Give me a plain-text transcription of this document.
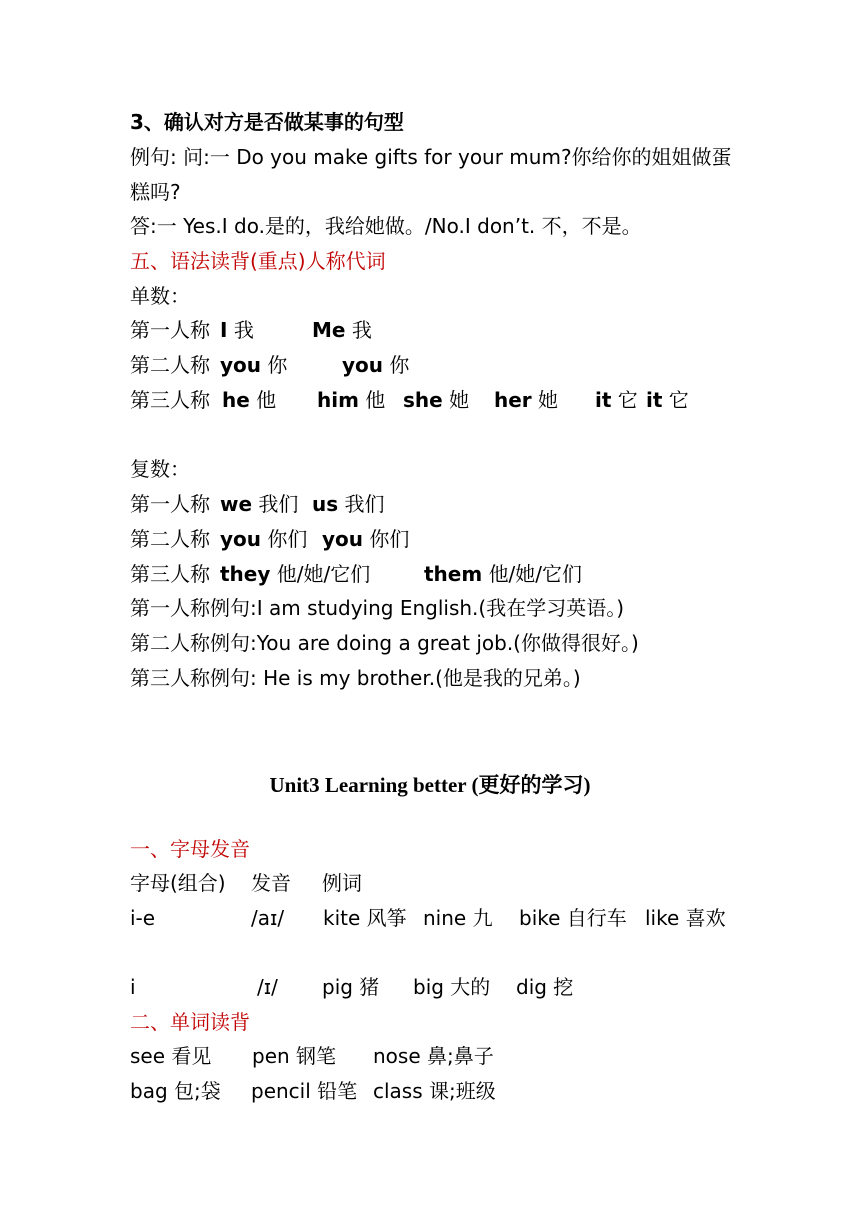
3、确认对方是否做某事的句型
例句: 问:一 Do you make gifts for your mum?你给你的姐姐做蛋
糕吗?
答:一 Yes.I do.是的，我给她做。/No.I don’t. 不，不是。
五、语法读背(重点)人称代词
单数：
第一人称 I 我	Me 我
第二人称 you 你	you 你
第三人称 he 他 him 他 she 她 her 她 it 它 it 它
复数：
第一人称 we 我们 us 我们
第二人称 you 你们 you 你们
第三人称 they 他/她/它们	them 他/她/它们
第一人称例句:I am studying English.(我在学习英语。)
第二人称例句:You are doing a great job.(你做得很好。)
第三人称例句: He is my brother.(他是我的兄弟。)
Unit3 Learning better (更好的学习)
一、字母发音
字母(组合) 发音 例词
i-e	/aɪ/ kite 风筝 nine 九 bike 自行车 like 喜欢
i	/ɪ/ pig 猪 big 大的 dig 挖
二、单词读背
see 看见 pen 钢笔 nose 鼻;鼻子
bag 包;袋 pencil 铅笔 class 课;班级
